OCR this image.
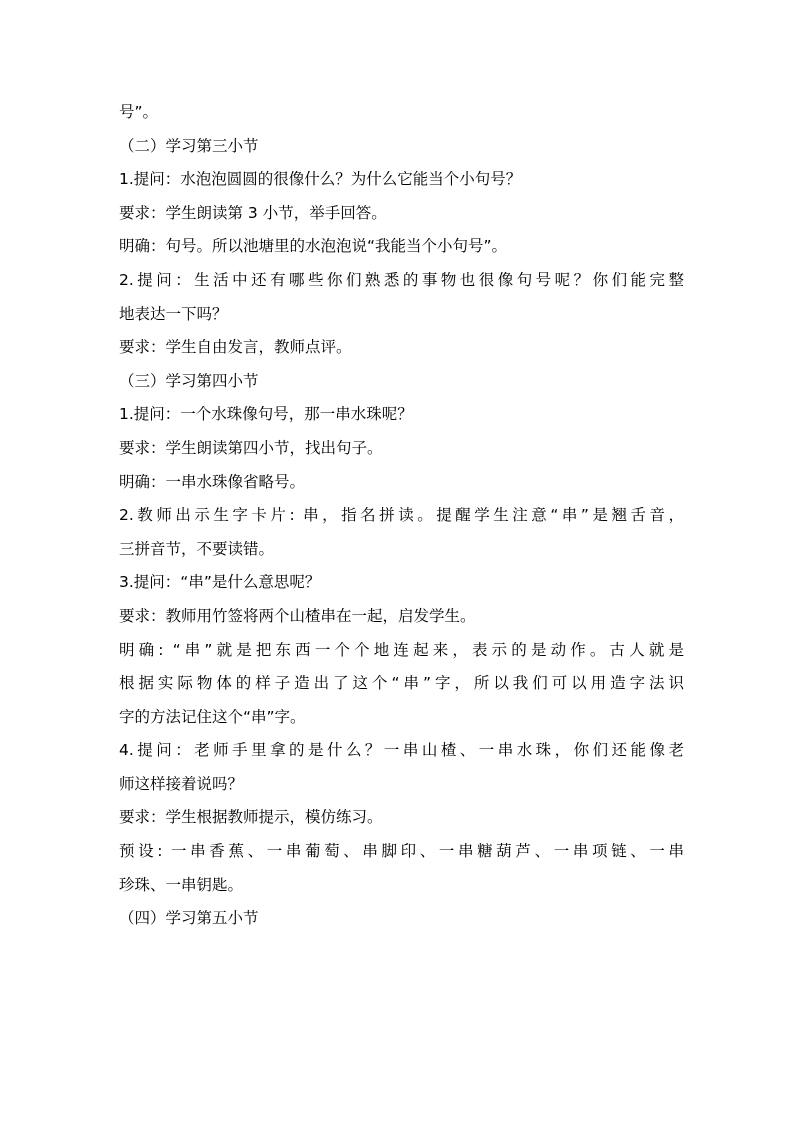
号”。
（二）学习第三小节
1.提问：水泡泡圆圆的很像什么？为什么它能当个小句号？
要求：学生朗读第 3 小节，举手回答。
明确：句号。所以池塘里的水泡泡说“我能当个小句号”。
2.提问：生活中还有哪些你们熟悉的事物也很像句号呢？你们能完整
地表达一下吗？
要求：学生自由发言，教师点评。
（三）学习第四小节
1.提问：一个水珠像句号，那一串水珠呢？
要求：学生朗读第四小节，找出句子。
明确：一串水珠像省略号。
2.教师出示生字卡片: 串，指名拼读。提醒学生注意“串”是翘舌音，
三拼音节，不要读错。
3.提问：“串”是什么意思呢？
要求：教师用竹签将两个山楂串在一起，启发学生。
明确: “串”就是把东西一个个地连起来，表示的是动作。古人就是
根据实际物体的样子造出了这个“串”字，所以我们可以用造字法识
字的方法记住这个“串”字。
4.提问：老师手里拿的是什么？一串山楂、一串水珠，你们还能像老
师这样接着说吗？
要求：学生根据教师提示，模仿练习。
预设: 一串香蕉、一串葡萄、串脚印、一串糖葫芦、一串项链、一串
珍珠、一串钥匙。
（四）学习第五小节
